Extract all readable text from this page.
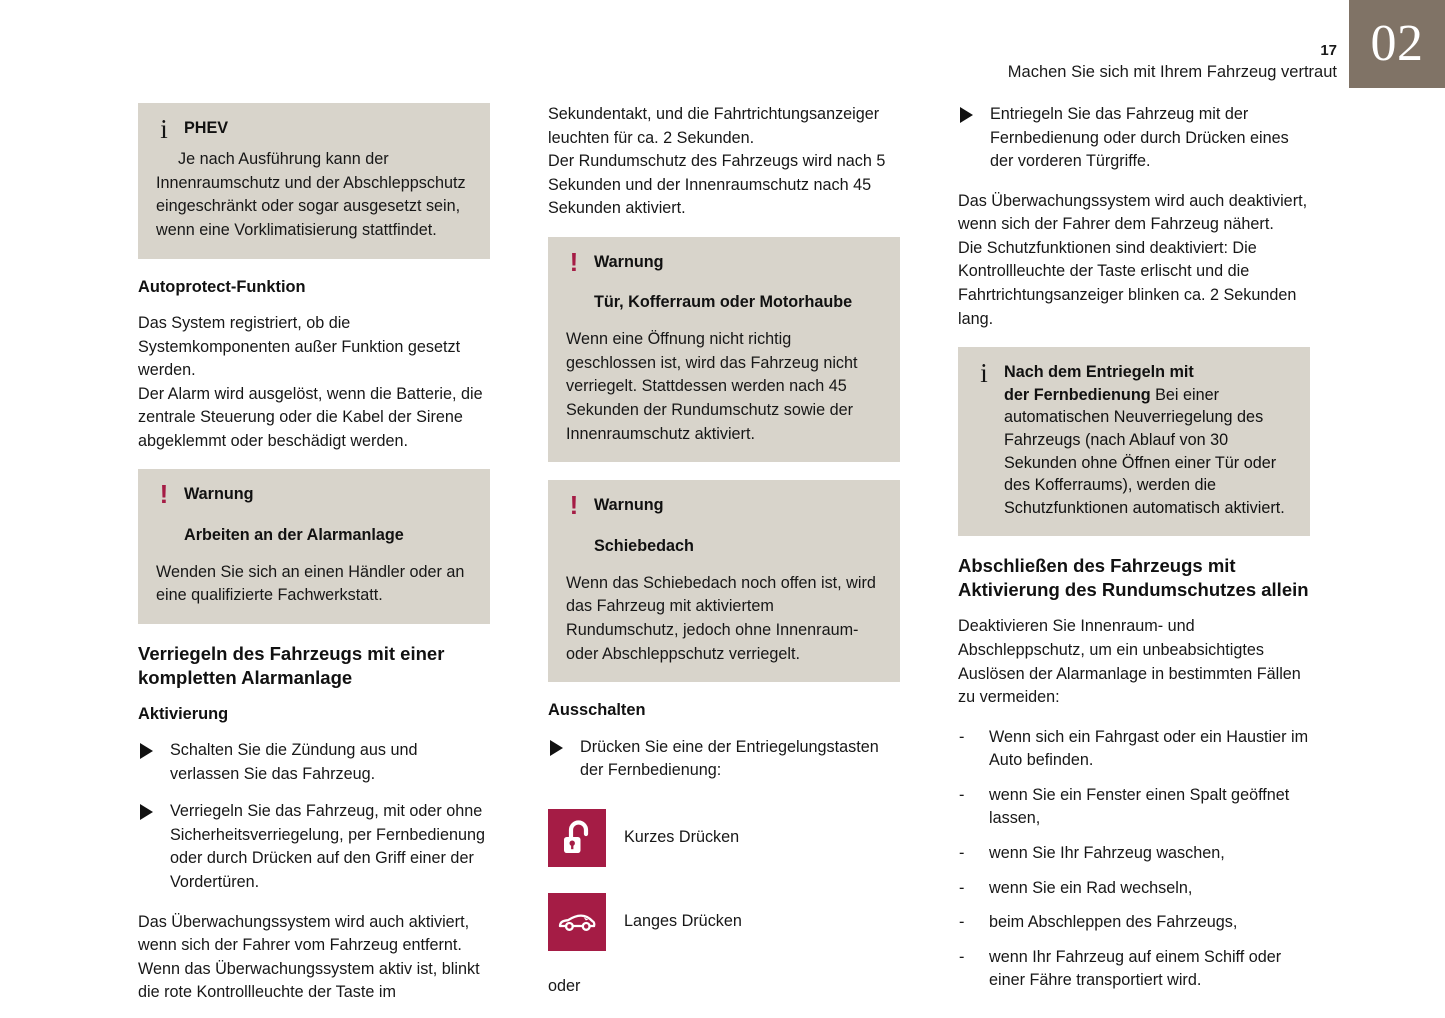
02
17
Machen Sie sich mit Ihrem Fahrzeug vertraut
i PHEV
Je nach Ausführung kann der Innenraumschutz und der Abschleppschutz eingeschränkt oder sogar ausgesetzt sein, wenn eine Vorklimatisierung stattfindet.
Autoprotect-Funktion

Das System registriert, ob die Systemkomponenten außer Funktion gesetzt werden.

Der Alarm wird ausgelöst, wenn die Batterie, die zentrale Steuerung oder die Kabel der Sirene abgeklemmt oder beschädigt werden.

! Warnung
Arbeiten an der Alarmanlage
Wenden Sie sich an einen Händler oder an eine qualifizierte Fachwerkstatt.
Verriegeln des Fahrzeugs mit einer kompletten Alarmanlage
Aktivierung
Schalten Sie die Zündung aus und verlassen Sie das Fahrzeug.
Verriegeln Sie das Fahrzeug, mit oder ohne Sicherheitsverriegelung, per Fernbedienung oder durch Drücken auf den Griff einer der Vordertüren.

Das Überwachungssystem wird auch aktiviert, wenn sich der Fahrer vom Fahrzeug entfernt.

Wenn das Überwachungssystem aktiv ist, blinkt die rote Kontrollleuchte der Taste im

Sekundentakt, und die Fahrtrichtungsanzeiger leuchten für ca. 2 Sekunden.

Der Rundumschutz des Fahrzeugs wird nach 5 Sekunden und der Innenraumschutz nach 45 Sekunden aktiviert.

! Warnung
Tür, Kofferraum oder Motorhaube
Wenn eine Öffnung nicht richtig geschlossen ist, wird das Fahrzeug nicht verriegelt. Stattdessen werden nach 45 Sekunden der Rundumschutz sowie der Innenraumschutz aktiviert.
! Warnung
Schiebedach
Wenn das Schiebedach noch offen ist, wird das Fahrzeug mit aktiviertem Rundumschutz, jedoch ohne Innenraum- oder Abschleppschutz verriegelt.
Ausschalten
Drücken Sie eine der Entriegelungstasten der Fernbedienung:
Kurzes Drücken
Langes Drücken
oder
Entriegeln Sie das Fahrzeug mit der Fernbedienung oder durch Drücken eines der vorderen Türgriffe.

Das Überwachungssystem wird auch deaktiviert, wenn sich der Fahrer dem Fahrzeug nähert.

Die Schutzfunktionen sind deaktiviert: Die Kontrollleuchte der Taste erlischt und die Fahrtrichtungsanzeiger blinken ca. 2 Sekunden lang.

i Nach dem Entriegeln mit
der Fernbedienung Bei einer automatischen Neuverriegelung des Fahrzeugs (nach Ablauf von 30 Sekunden ohne Öffnen einer Tür oder des Kofferraums), werden die Schutzfunktionen automatisch aktiviert.
Abschließen des Fahrzeugs mit Aktivierung des Rundumschutzes allein

Deaktivieren Sie Innenraum- und Abschleppschutz, um ein unbeabsichtigtes Auslösen der Alarmanlage in bestimmten Fällen zu vermeiden:

- Wenn sich ein Fahrgast oder ein Haustier im Auto befinden.
- wenn Sie ein Fenster einen Spalt geöffnet lassen,
- wenn Sie Ihr Fahrzeug waschen,
- wenn Sie ein Rad wechseln,
- beim Abschleppen des Fahrzeugs,
- wenn Ihr Fahrzeug auf einem Schiff oder einer Fähre transportiert wird.
